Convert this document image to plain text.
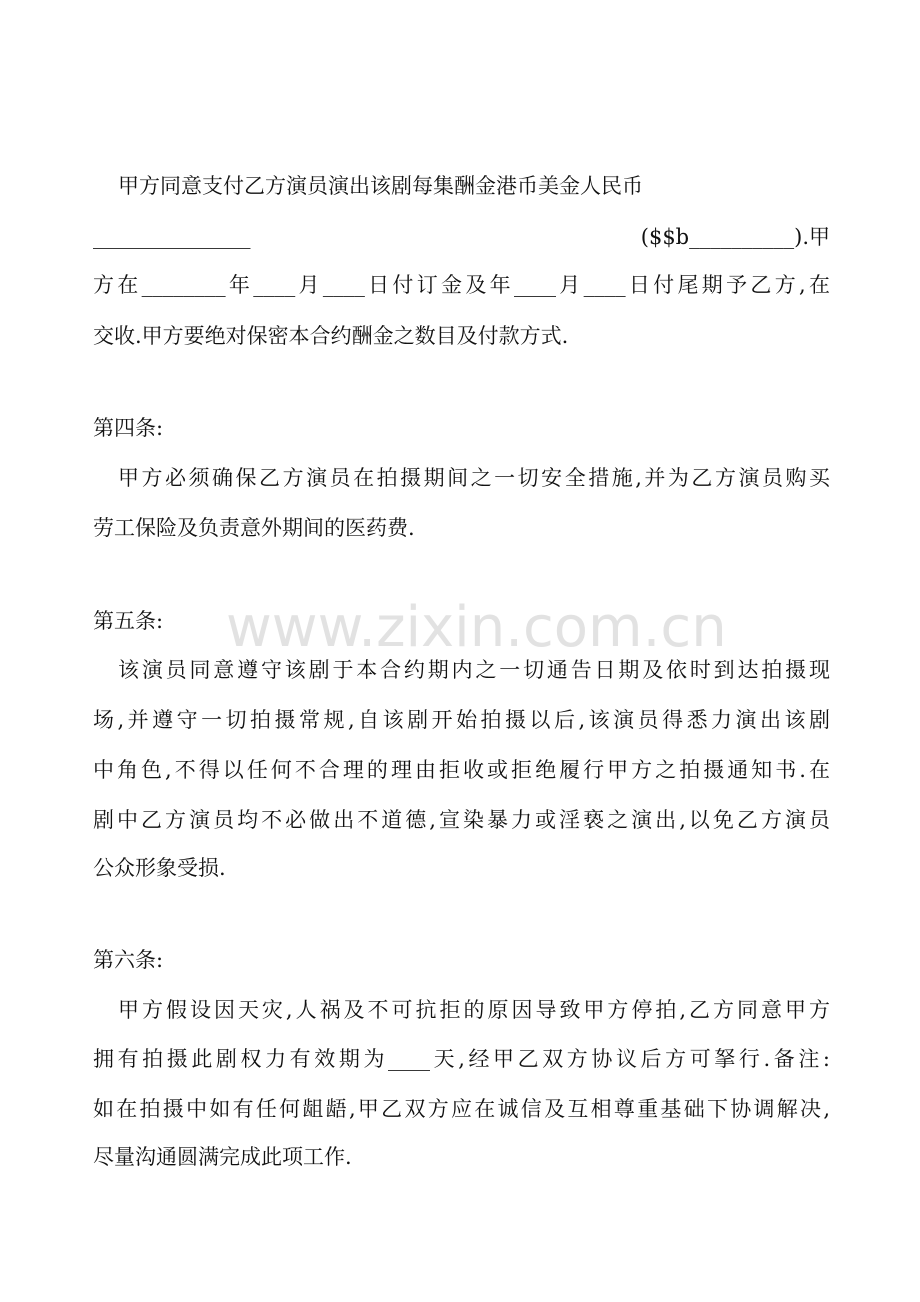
甲方同意支付乙方演员演出该剧每集酬金港币美金人民币
_______________	($$b__________).甲
方在________年____月____日付订金及年____月____日付尾期予乙方,在
交收.甲方要绝对保密本合约酬金之数目及付款方式.
第四条:
甲方必须确保乙方演员在拍摄期间之一切安全措施,并为乙方演员购买
劳工保险及负责意外期间的医药费.
第五条:
该演员同意遵守该剧于本合约期内之一切通告日期及依时到达拍摄现
场,并遵守一切拍摄常规,自该剧开始拍摄以后,该演员得悉力演出该剧
中角色,不得以任何不合理的理由拒收或拒绝履行甲方之拍摄通知书.在
剧中乙方演员均不必做出不道德,宣染暴力或淫亵之演出,以免乙方演员
公众形象受损.
第六条:
甲方假设因天灾,人祸及不可抗拒的原因导致甲方停拍,乙方同意甲方
拥有拍摄此剧权力有效期为____天,经甲乙双方协议后方可拏行.备注:
如在拍摄中如有任何龃龉,甲乙双方应在诚信及互相尊重基础下协调解决,
尽量沟通圆满完成此项工作.
www.zixin.com.cn
